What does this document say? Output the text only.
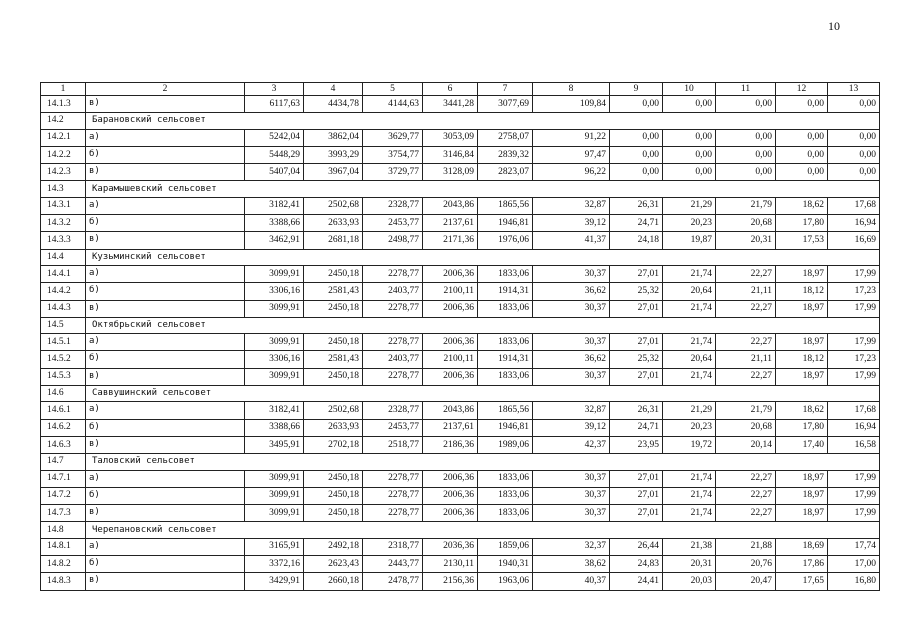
10
1	2	3	4	5	6	7	8	9	10	11	12	13
14.1.3	в)	6117,63	4434,78	4144,63	3441,28	3077,69	109,84	0,00	0,00	0,00	0,00	0,00
14.2	Барановский сельсовет											
14.2.1	а)	5242,04	3862,04	3629,77	3053,09	2758,07	91,22	0,00	0,00	0,00	0,00	0,00
14.2.2	б)	5448,29	3993,29	3754,77	3146,84	2839,32	97,47	0,00	0,00	0,00	0,00	0,00
14.2.3	в)	5407,04	3967,04	3729,77	3128,09	2823,07	96,22	0,00	0,00	0,00	0,00	0,00
14.3	Карамышевский сельсовет											
14.3.1	а)	3182,41	2502,68	2328,77	2043,86	1865,56	32,87	26,31	21,29	21,79	18,62	17,68
14.3.2	б)	3388,66	2633,93	2453,77	2137,61	1946,81	39,12	24,71	20,23	20,68	17,80	16,94
14.3.3	в)	3462,91	2681,18	2498,77	2171,36	1976,06	41,37	24,18	19,87	20,31	17,53	16,69
14.4	Кузьминский сельсовет											
14.4.1	а)	3099,91	2450,18	2278,77	2006,36	1833,06	30,37	27,01	21,74	22,27	18,97	17,99
14.4.2	б)	3306,16	2581,43	2403,77	2100,11	1914,31	36,62	25,32	20,64	21,11	18,12	17,23
14.4.3	в)	3099,91	2450,18	2278,77	2006,36	1833,06	30,37	27,01	21,74	22,27	18,97	17,99
14.5	Октябрьский сельсовет											
14.5.1	а)	3099,91	2450,18	2278,77	2006,36	1833,06	30,37	27,01	21,74	22,27	18,97	17,99
14.5.2	б)	3306,16	2581,43	2403,77	2100,11	1914,31	36,62	25,32	20,64	21,11	18,12	17,23
14.5.3	в)	3099,91	2450,18	2278,77	2006,36	1833,06	30,37	27,01	21,74	22,27	18,97	17,99
14.6	Саввушинский сельсовет											
14.6.1	а)	3182,41	2502,68	2328,77	2043,86	1865,56	32,87	26,31	21,29	21,79	18,62	17,68
14.6.2	б)	3388,66	2633,93	2453,77	2137,61	1946,81	39,12	24,71	20,23	20,68	17,80	16,94
14.6.3	в)	3495,91	2702,18	2518,77	2186,36	1989,06	42,37	23,95	19,72	20,14	17,40	16,58
14.7	Таловский сельсовет											
14.7.1	а)	3099,91	2450,18	2278,77	2006,36	1833,06	30,37	27,01	21,74	22,27	18,97	17,99
14.7.2	б)	3099,91	2450,18	2278,77	2006,36	1833,06	30,37	27,01	21,74	22,27	18,97	17,99
14.7.3	в)	3099,91	2450,18	2278,77	2006,36	1833,06	30,37	27,01	21,74	22,27	18,97	17,99
14.8	Черепановский сельсовет											
14.8.1	а)	3165,91	2492,18	2318,77	2036,36	1859,06	32,37	26,44	21,38	21,88	18,69	17,74
14.8.2	б)	3372,16	2623,43	2443,77	2130,11	1940,31	38,62	24,83	20,31	20,76	17,86	17,00
14.8.3	в)	3429,91	2660,18	2478,77	2156,36	1963,06	40,37	24,41	20,03	20,47	17,65	16,80
